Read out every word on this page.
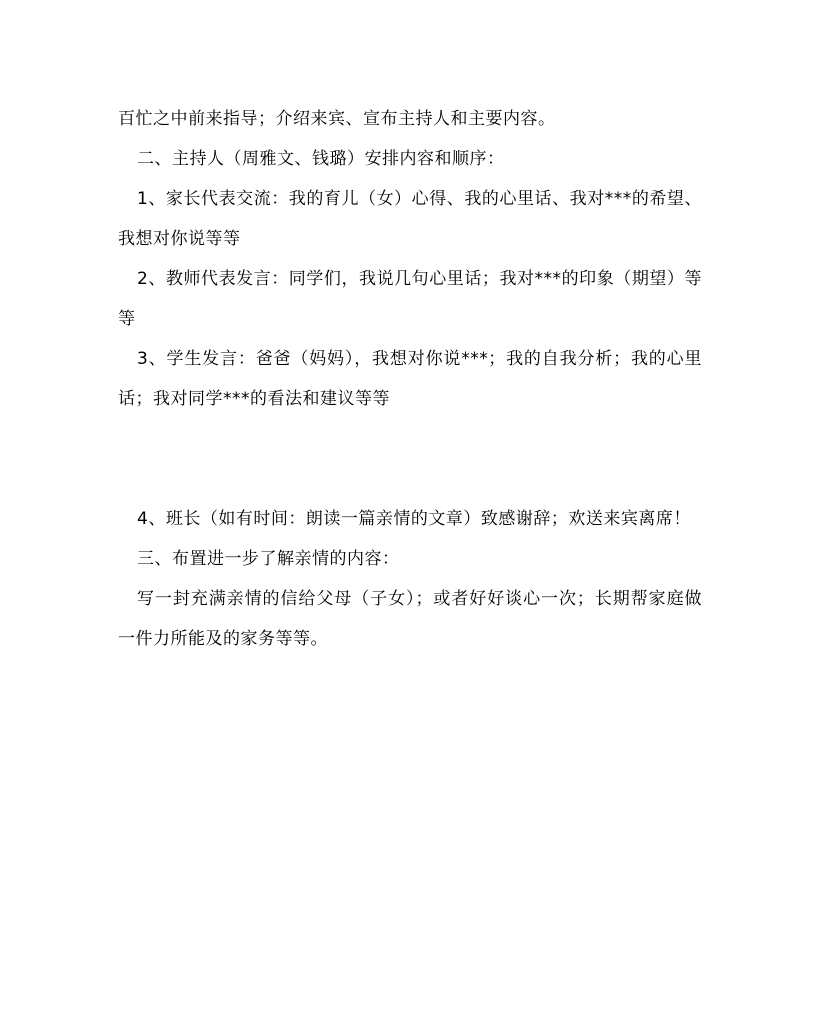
百忙之中前来指导；介绍来宾、宣布主持人和主要内容。

二、主持人（周雅文、钱璐）安排内容和顺序：

1、家长代表交流：我的育儿（女）心得、我的心里话、我对***的希望、我想对你说等等

2、教师代表发言：同学们，我说几句心里话；我对***的印象（期望）等等

3、学生发言：爸爸（妈妈），我想对你说***；我的自我分析；我的心里话；我对同学***的看法和建议等等

4、班长（如有时间：朗读一篇亲情的文章）致感谢辞；欢送来宾离席！

三、布置进一步了解亲情的内容：

写一封充满亲情的信给父母（子女）；或者好好谈心一次；长期帮家庭做一件力所能及的家务等等。
